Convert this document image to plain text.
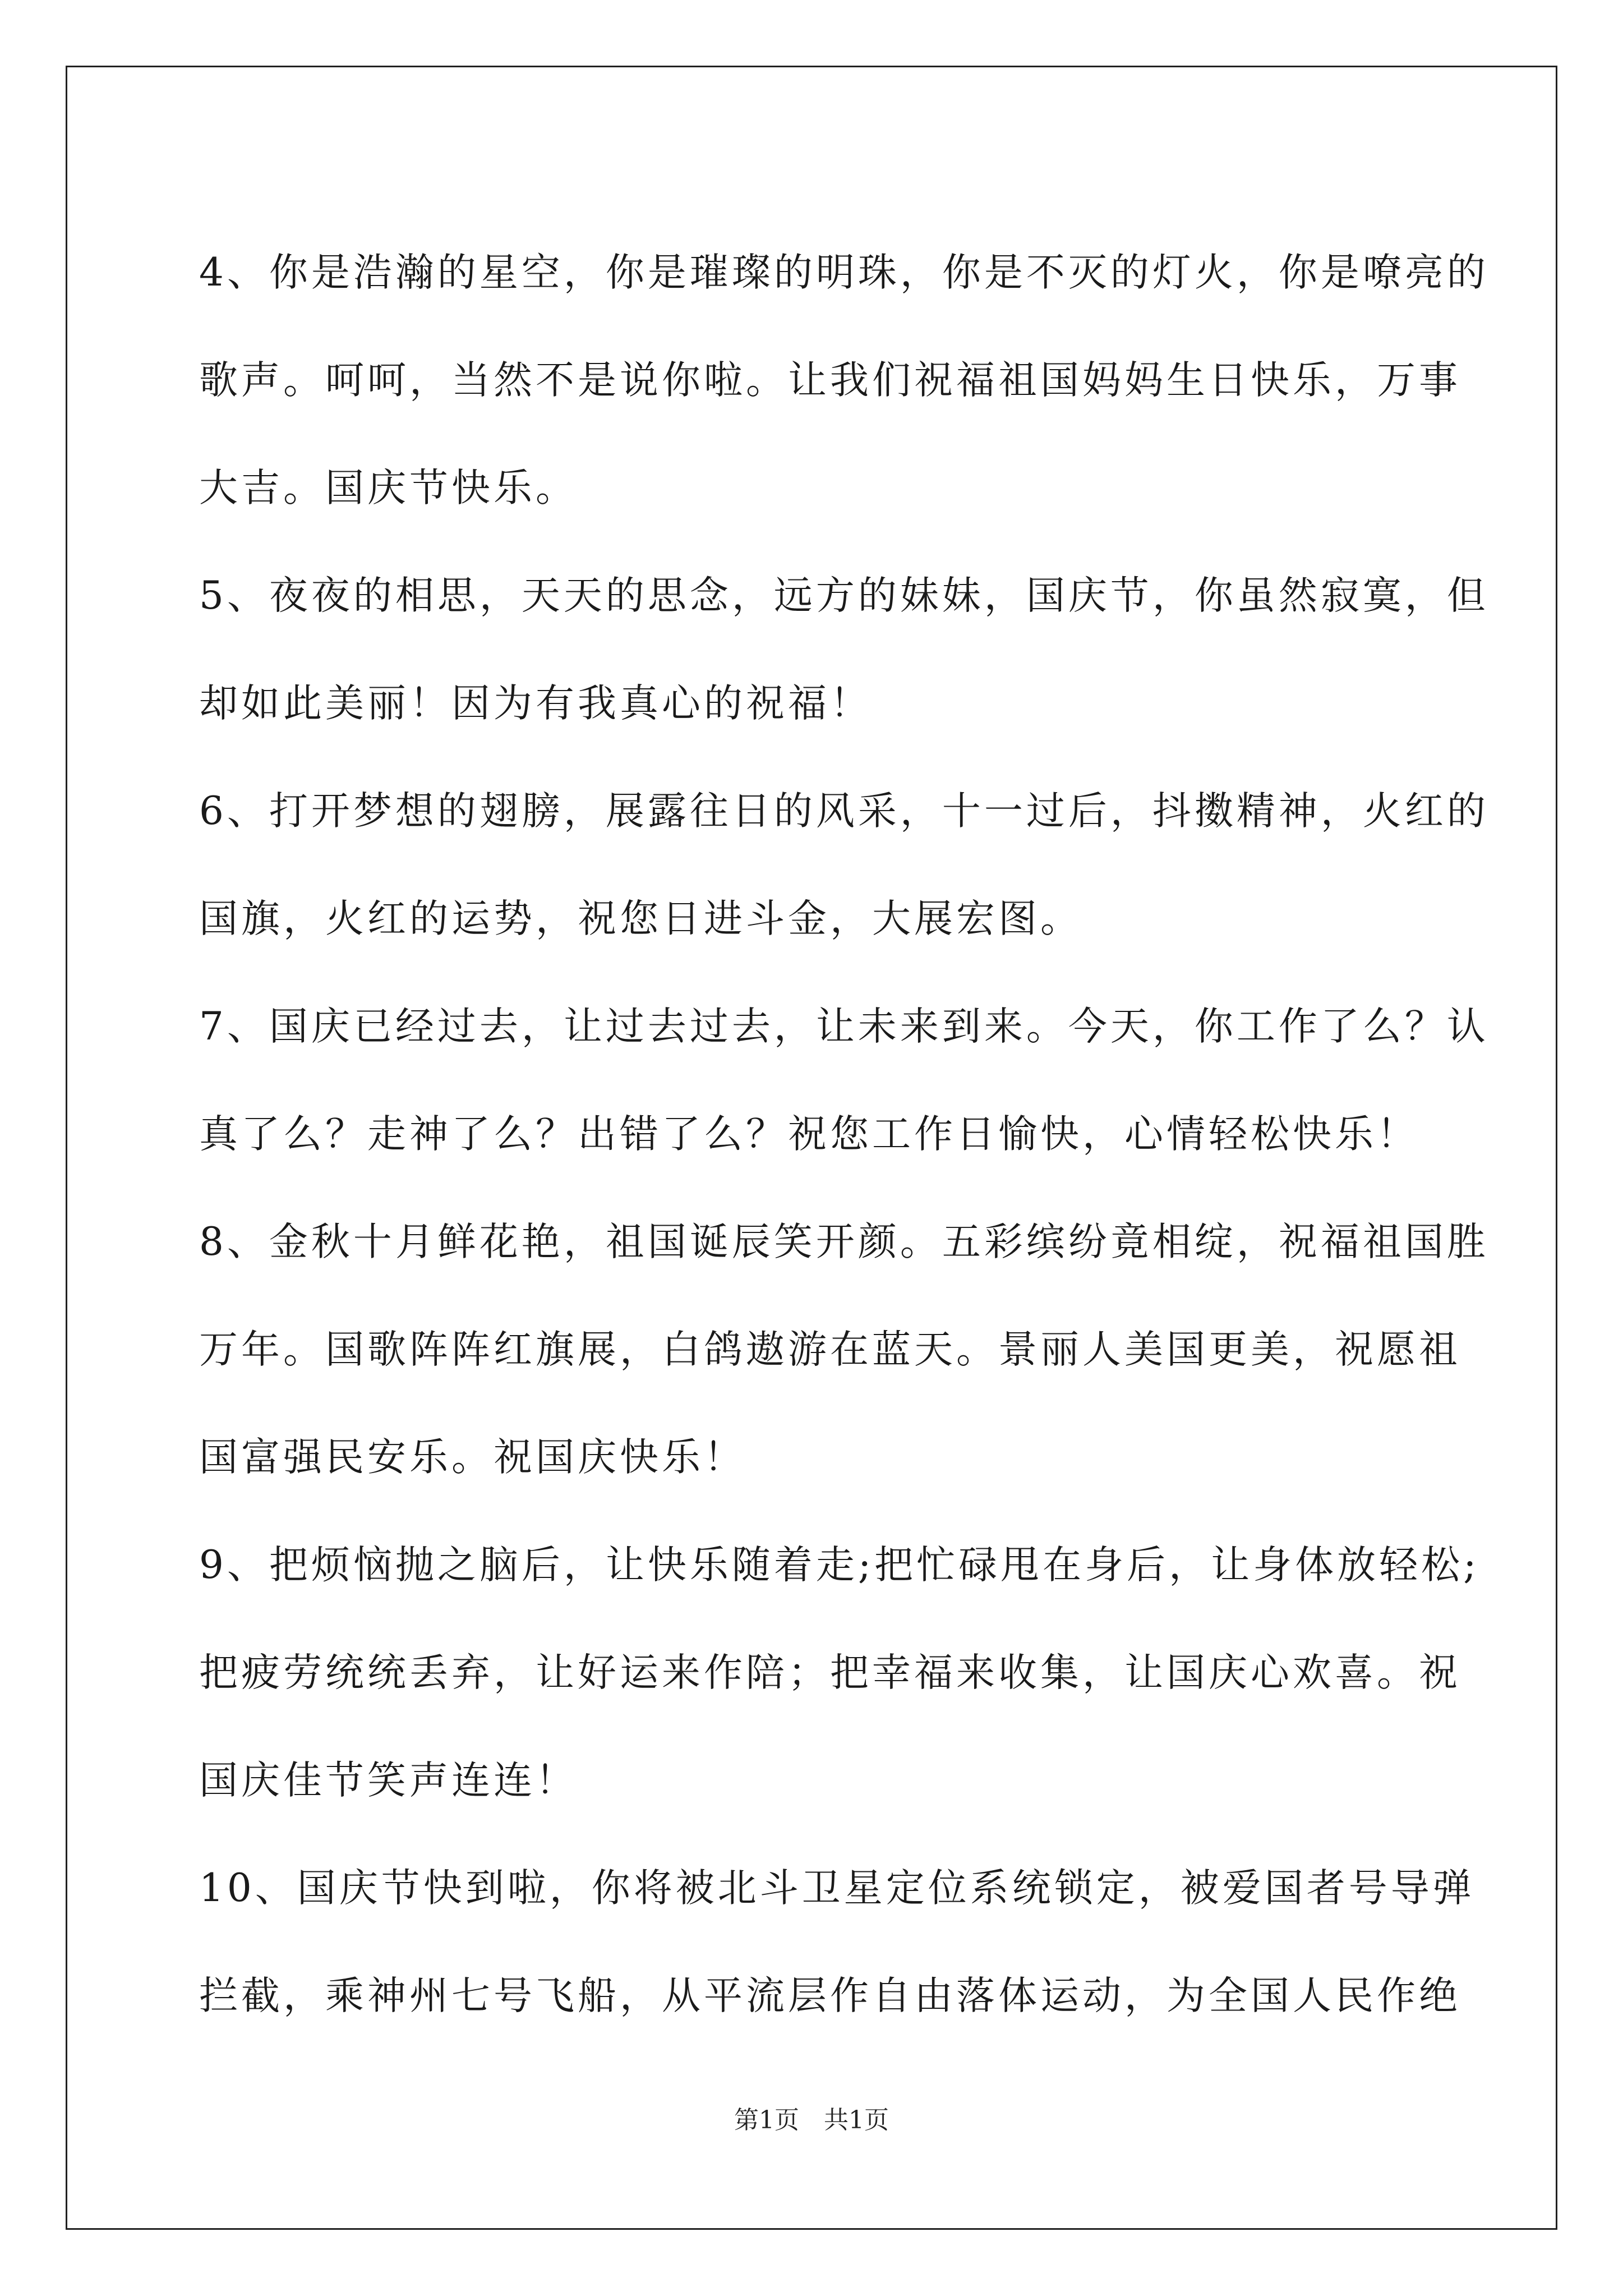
4、你是浩瀚的星空，你是璀璨的明珠，你是不灭的灯火，你是嘹亮的
歌声。呵呵，当然不是说你啦。让我们祝福祖国妈妈生日快乐，万事
大吉。国庆节快乐。

5、夜夜的相思，天天的思念，远方的妹妹，国庆节，你虽然寂寞，但
却如此美丽！因为有我真心的祝福！

6、打开梦想的翅膀，展露往日的风采，十一过后，抖擞精神，火红的
国旗，火红的运势，祝您日进斗金，大展宏图。

7、国庆已经过去，让过去过去，让未来到来。今天，你工作了么？认
真了么？走神了么？出错了么？祝您工作日愉快，心情轻松快乐！

8、金秋十月鲜花艳，祖国诞辰笑开颜。五彩缤纷竟相绽，祝福祖国胜
万年。国歌阵阵红旗展，白鸽遨游在蓝天。景丽人美国更美，祝愿祖
国富强民安乐。祝国庆快乐！

9、把烦恼抛之脑后，让快乐随着走;把忙碌甩在身后，让身体放轻松;
把疲劳统统丢弃，让好运来作陪；把幸福来收集，让国庆心欢喜。祝
国庆佳节笑声连连！

10、国庆节快到啦，你将被北斗卫星定位系统锁定，被爱国者号导弹
拦截，乘神州七号飞船，从平流层作自由落体运动，为全国人民作绝

第1页　共1页
